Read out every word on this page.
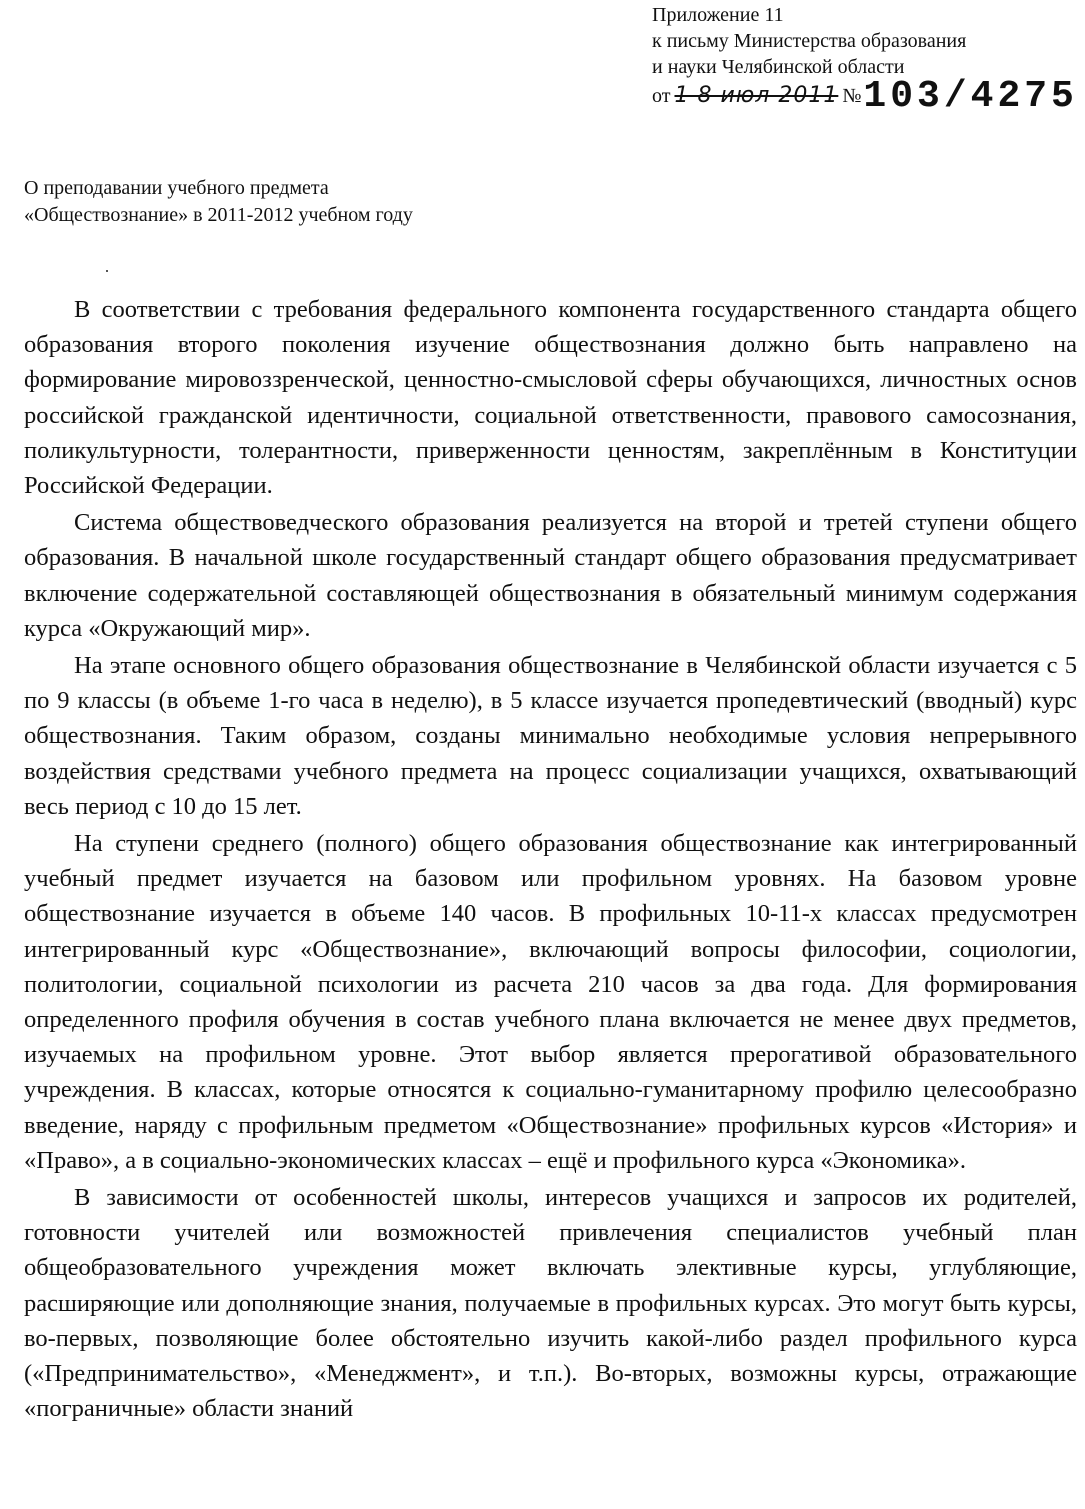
Приложение 11
к письму Министерства образования
и науки Челябинской области
от 1 8 июл 2011 №103/4275
О преподавании учебного предмета
«Обществознание» в 2011-2012 учебном году

В соответствии с требования федерального компонента государственного стандарта общего образования второго поколения изучение обществознания должно быть направлено на формирование мировоззренческой, ценностно-смысловой сферы обучающихся, личностных основ российской гражданской идентичности, социальной ответственности, правового самосознания, поликультурности, толерантности, приверженности ценностям, закреплённым в Конституции Российской Федерации.

Система обществоведческого образования реализуется на второй и третей ступени общего образования. В начальной школе государственный стандарт общего образования предусматривает включение содержательной составляющей обществознания в обязательный минимум содержания курса «Окружающий мир».

На этапе основного общего образования обществознание в Челябинской области изучается с 5 по 9 классы (в объеме 1-го часа в неделю), в 5 классе изучается пропедевтический (вводный) курс обществознания. Таким образом, созданы минимально необходимые условия непрерывного воздействия средствами учебного предмета на процесс социализации учащихся, охватывающий весь период с 10 до 15 лет.

На ступени среднего (полного) общего образования обществознание как интегрированный учебный предмет изучается на базовом или профильном уровнях. На базовом уровне обществознание изучается в объеме 140 часов. В профильных 10-11-х классах предусмотрен интегрированный курс «Обществознание», включающий вопросы философии, социологии, политологии, социальной психологии из расчета 210 часов за два года. Для формирования определенного профиля обучения в состав учебного плана включается не менее двух предметов, изучаемых на профильном уровне. Этот выбор является прерогативой образовательного учреждения. В классах, которые относятся к социально-гуманитарному профилю целесообразно введение, наряду с профильным предметом «Обществознание» профильных курсов «История» и «Право», а в социально-экономических классах – ещё и профильного курса «Экономика».

В зависимости от особенностей школы, интересов учащихся и запросов их родителей, готовности учителей или возможностей привлечения специалистов учебный план общеобразовательного учреждения может включать элективные курсы, углубляющие, расширяющие или дополняющие знания, получаемые в профильных курсах. Это могут быть курсы, во-первых, позволяющие более обстоятельно изучить какой-либо раздел профильного курса («Предпринимательство», «Менеджмент», и т.п.). Во-вторых, возможны курсы, отражающие «пограничные» области знаний
